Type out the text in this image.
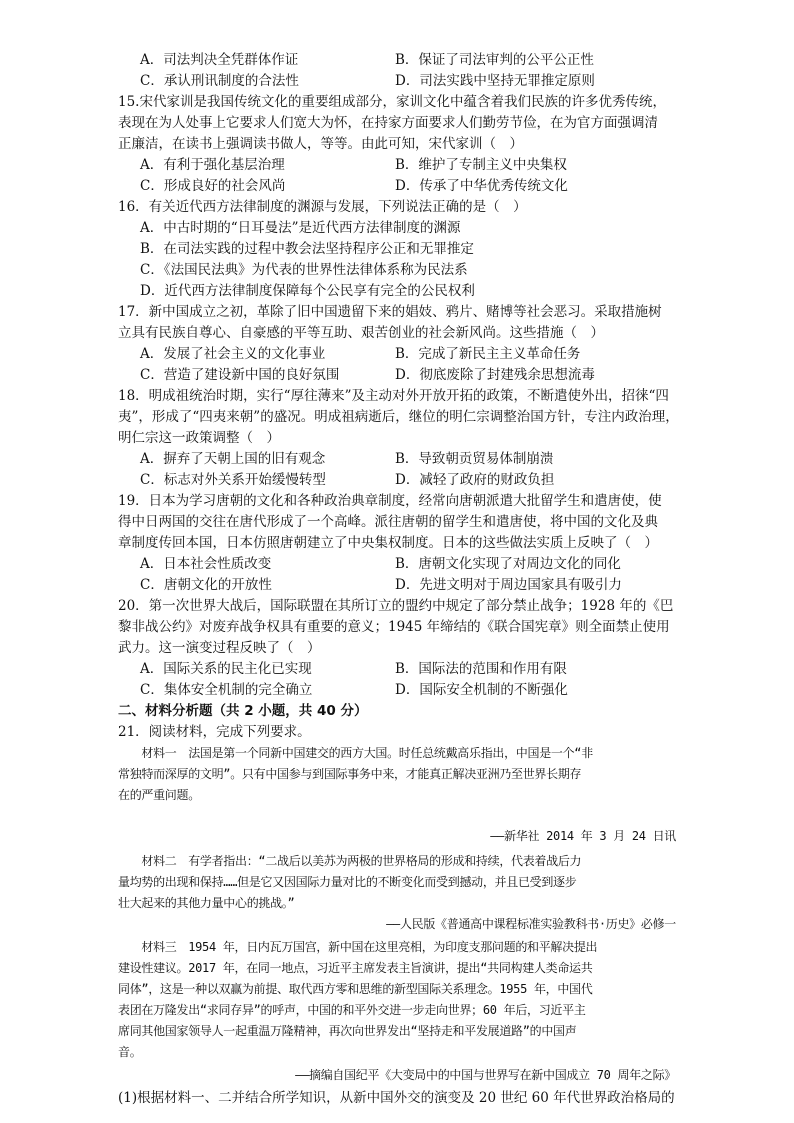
A．司法判决全凭群体作证	B．保证了司法审判的公平公正性
C．承认刑讯制度的合法性	D．司法实践中坚持无罪推定原则
15.宋代家训是我国传统文化的重要组成部分，家训文化中蕴含着我们民族的许多优秀传统，
表现在为人处事上它要求人们宽大为怀，在持家方面要求人们勤劳节俭，在为官方面强调清
正廉洁，在读书上强调读书做人，等等。由此可知，宋代家训（　）
A．有利于强化基层治理	B．维护了专制主义中央集权
C．形成良好的社会风尚	D．传承了中华优秀传统文化
16．有关近代西方法律制度的渊源与发展，下列说法正确的是（　）
A．中古时期的“日耳曼法”是近代西方法律制度的渊源
B．在司法实践的过程中教会法坚持程序公正和无罪推定
C．《法国民法典》为代表的世界性法律体系称为民法系
D．近代西方法律制度保障每个公民享有完全的公民权利
17．新中国成立之初，革除了旧中国遗留下来的娼妓、鸦片、赌博等社会恶习。采取措施树
立具有民族自尊心、自豪感的平等互助、艰苦创业的社会新风尚。这些措施（　）
A．发展了社会主义的文化事业	B．完成了新民主主义革命任务
C．营造了建设新中国的良好氛围	D．彻底废除了封建残余思想流毒
18．明成祖统治时期，实行“厚往薄来”及主动对外开放开拓的政策，不断遣使外出，招徕“四
夷”，形成了“四夷来朝”的盛况。明成祖病逝后，继位的明仁宗调整治国方针，专注内政治理，
明仁宗这一政策调整（　）
A．摒弃了天朝上国的旧有观念	B．导致朝贡贸易体制崩溃
C．标志对外关系开始缓慢转型	D．减轻了政府的财政负担
19．日本为学习唐朝的文化和各种政治典章制度，经常向唐朝派遣大批留学生和遣唐使，使
得中日两国的交往在唐代形成了一个高峰。派往唐朝的留学生和遣唐使，将中国的文化及典
章制度传回本国，日本仿照唐朝建立了中央集权制度。日本的这些做法实质上反映了（　）
A．日本社会性质改变	B．唐朝文化实现了对周边文化的同化
C．唐朝文化的开放性	D．先进文明对于周边国家具有吸引力
20．第一次世界大战后，国际联盟在其所订立的盟约中规定了部分禁止战争；1928 年的《巴
黎非战公约》对废弃战争权具有重要的意义；1945 年缔结的《联合国宪章》则全面禁止使用
武力。这一演变过程反映了（　）
A．国际关系的民主化已实现	B．国际法的范围和作用有限
C．集体安全机制的完全确立	D．国际安全机制的不断强化
二、材料分析题（共 2 小题，共 40 分）
21．阅读材料，完成下列要求。
　　材料一　法国是第一个同新中国建交的西方大国。时任总统戴高乐指出，中国是一个“非
常独特而深厚的文明”。只有中国参与到国际事务中来，才能真正解决亚洲乃至世界长期存
在的严重问题。
——新华社 2014 年 3 月 24 日讯
　　材料二　有学者指出：“二战后以美苏为两极的世界格局的形成和持续，代表着战后力
量均势的出现和保持……但是它又因国际力量对比的不断变化而受到撼动，并且已受到逐步
壮大起来的其他力量中心的挑战。”
——人民版《普通高中课程标准实验教科书·历史》必修一
　　材料三　1954 年，日内瓦万国宫，新中国在这里亮相，为印度支那问题的和平解决提出
建设性建议。2017 年，在同一地点，习近平主席发表主旨演讲，提出“共同构建人类命运共
同体”，这是一种以双赢为前提、取代西方零和思维的新型国际关系理念。1955 年，中国代
表团在万隆发出“求同存异”的呼声，中国的和平外交进一步走向世界；60 年后，习近平主
席同其他国家领导人一起重温万隆精神，再次向世界发出“坚持走和平发展道路”的中国声
音。
——摘编自国纪平《大变局中的中国与世界写在新中国成立 70 周年之际》
(1)根据材料一、二并结合所学知识，从新中国外交的演变及 20 世纪 60 年代世界政治格局的
